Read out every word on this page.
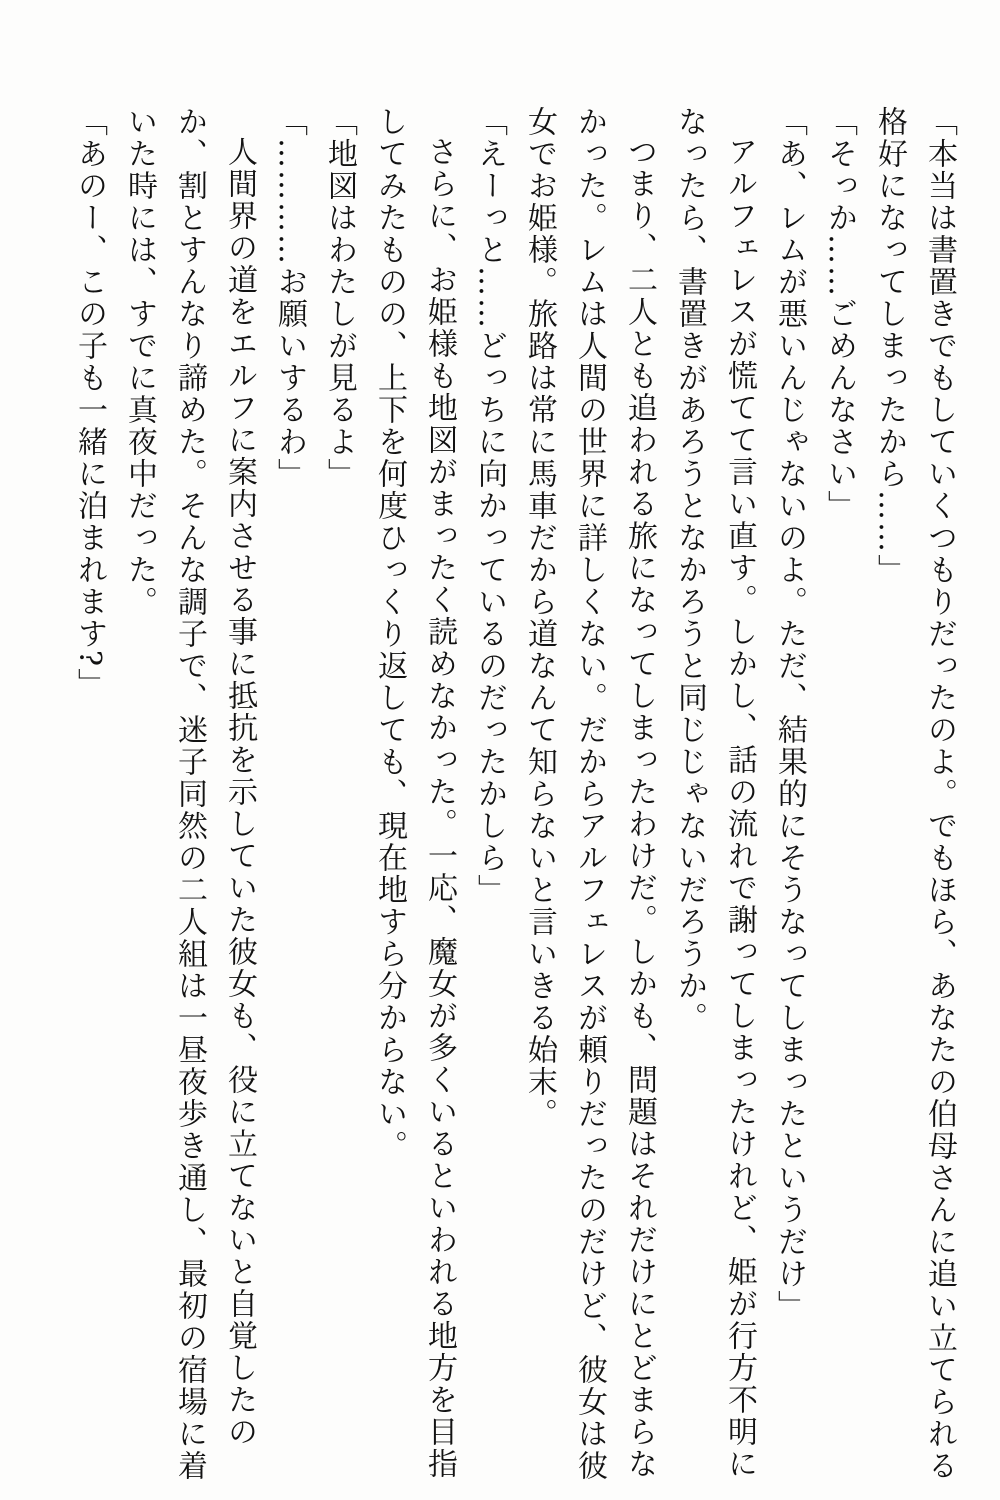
「本当は書置きでもしていくつもりだったのよ。でもほら、あなたの伯母さんに追い立てられる格好になってしまったから……」

「そっか……ごめんなさい」

「あ、レムが悪いんじゃないのよ。ただ、結果的にそうなってしまったというだけ」

アルフェレスが慌てて言い直す。しかし、話の流れで謝ってしまったけれど、姫が行方不明になったら、書置きがあろうとなかろうと同じじゃないだろうか。

つまり、二人とも追われる旅になってしまったわけだ。しかも、問題はそれだけにとどまらなかった。レムは人間の世界に詳しくない。だからアルフェレスが頼りだったのだけど、彼女は彼女でお姫様。旅路は常に馬車だから道なんて知らないと言いきる始末。

「えーっと……どっちに向かっているのだったかしら」

さらに、お姫様も地図がまったく読めなかった。一応、魔女が多くいるといわれる地方を目指してみたものの、上下を何度ひっくり返しても、現在地すら分からない。

「地図はわたしが見るよ」

「…………お願いするわ」

人間界の道をエルフに案内させる事に抵抗を示していた彼女も、役に立てないと自覚したのか、割とすんなり諦めた。そんな調子で、迷子同然の二人組は一昼夜歩き通し、最初の宿場に着いた時には、すでに真夜中だった。

「あのー、この子も一緒に泊まれます?」
